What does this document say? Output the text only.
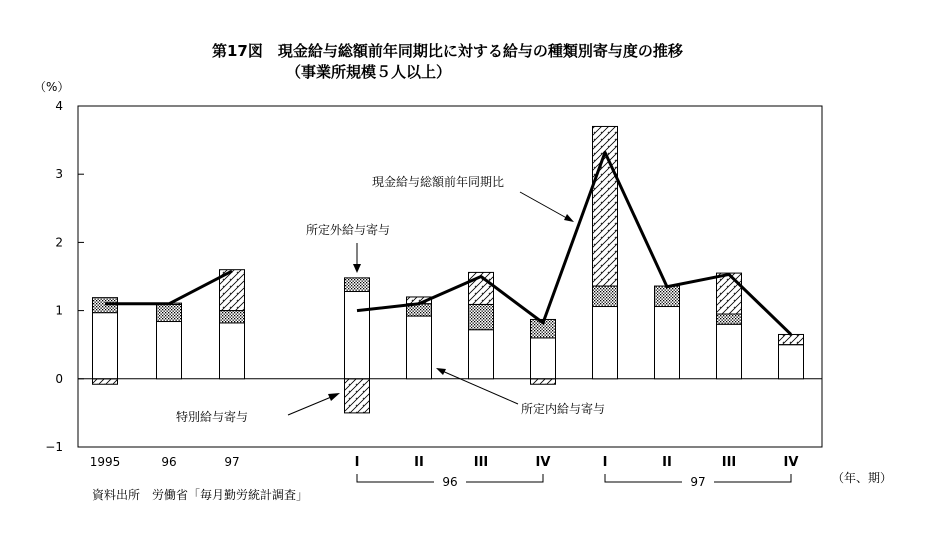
第17図　現金給与総額前年同期比に対する給与の種類別寄与度の推移
（事業所規模５人以上）
（%）
4
3
2
1
0
−1
1995	96	97	I	II	III	IV	I	II	III	IV
96	97	（年、期）
現金給与総額前年同期比
所定外給与寄与
特別給与寄与
所定内給与寄与
資料出所　労働省「毎月勤労統計調査」
